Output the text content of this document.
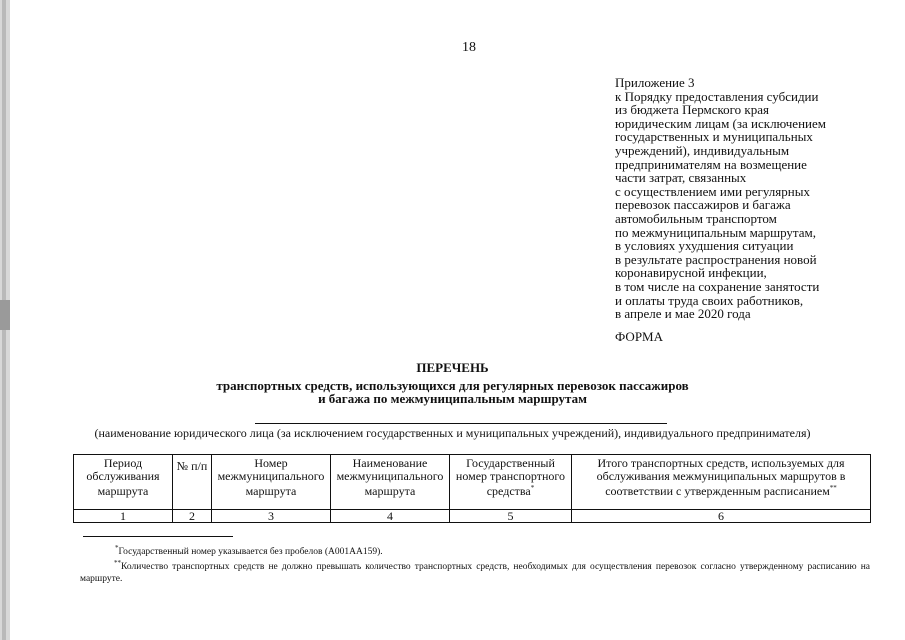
18
Приложение 3
к Порядку предоставления субсидии
из бюджета Пермского края
юридическим лицам (за исключением
государственных и муниципальных
учреждений), индивидуальным
предпринимателям на возмещение
части затрат, связанных
с осуществлением ими регулярных
перевозок пассажиров и багажа
автомобильным транспортом
по межмуниципальным маршрутам,
в условиях ухудшения ситуации
в результате распространения новой
коронавирусной инфекции,
в том числе на сохранение занятости
и оплаты труда своих работников,
в апреле и мае 2020 года
ФОРМА
ПЕРЕЧЕНЬ
транспортных средств, использующихся для регулярных перевозок пассажиров
и багажа по межмуниципальным маршрутам
(наименование юридического лица (за исключением государственных и муниципальных учреждений), индивидуального предпринимателя)
Период обслуживания маршрута	№ п/п	Номер межмуниципального маршрута	Наименование межмуниципального маршрута	Государственный номер транспортного средства*	Итого транспортных средств, используемых для обслуживания межмуниципальных маршрутов в соответствии с утвержденным расписанием**
1	2	3	4	5	6
*Государственный номер указывается без пробелов (А001АА159).
**Количество транспортных средств не должно превышать количество транспортных средств, необходимых для осуществления перевозок согласно утвержденному расписанию на маршруте.
